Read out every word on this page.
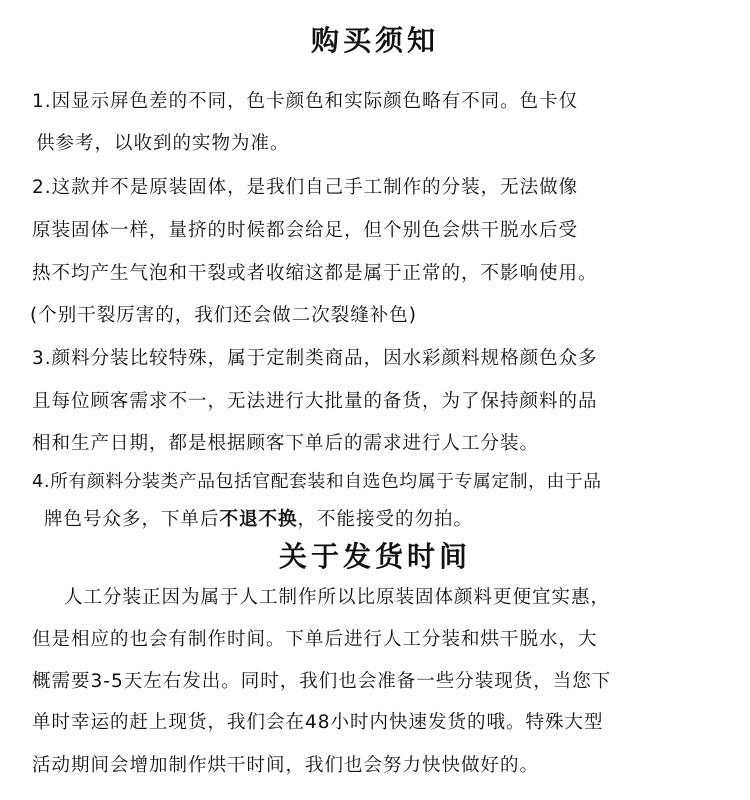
购买须知
1.因显示屏色差的不同，色卡颜色和实际颜色略有不同。色卡仅
供参考，以收到的实物为准。
2.这款并不是原装固体，是我们自己手工制作的分装，无法做像
原装固体一样，量挤的时候都会给足，但个别色会烘干脱水后受
热不均产生气泡和干裂或者收缩这都是属于正常的，不影响使用。
(个别干裂厉害的，我们还会做二次裂缝补色)
3.颜料分装比较特殊，属于定制类商品，因水彩颜料规格颜色众多
且每位顾客需求不一，无法进行大批量的备货，为了保持颜料的品
相和生产日期，都是根据顾客下单后的需求进行人工分装。
4.所有颜料分装类产品包括官配套装和自选色均属于专属定制，由于品
牌色号众多，下单后不退不换，不能接受的勿拍。
关于发货时间
人工分装正因为属于人工制作所以比原装固体颜料更便宜实惠，
但是相应的也会有制作时间。下单后进行人工分装和烘干脱水，大
概需要3-5天左右发出。同时，我们也会准备一些分装现货，当您下
单时幸运的赶上现货，我们会在48小时内快速发货的哦。特殊大型
活动期间会增加制作烘干时间，我们也会努力快快做好的。
